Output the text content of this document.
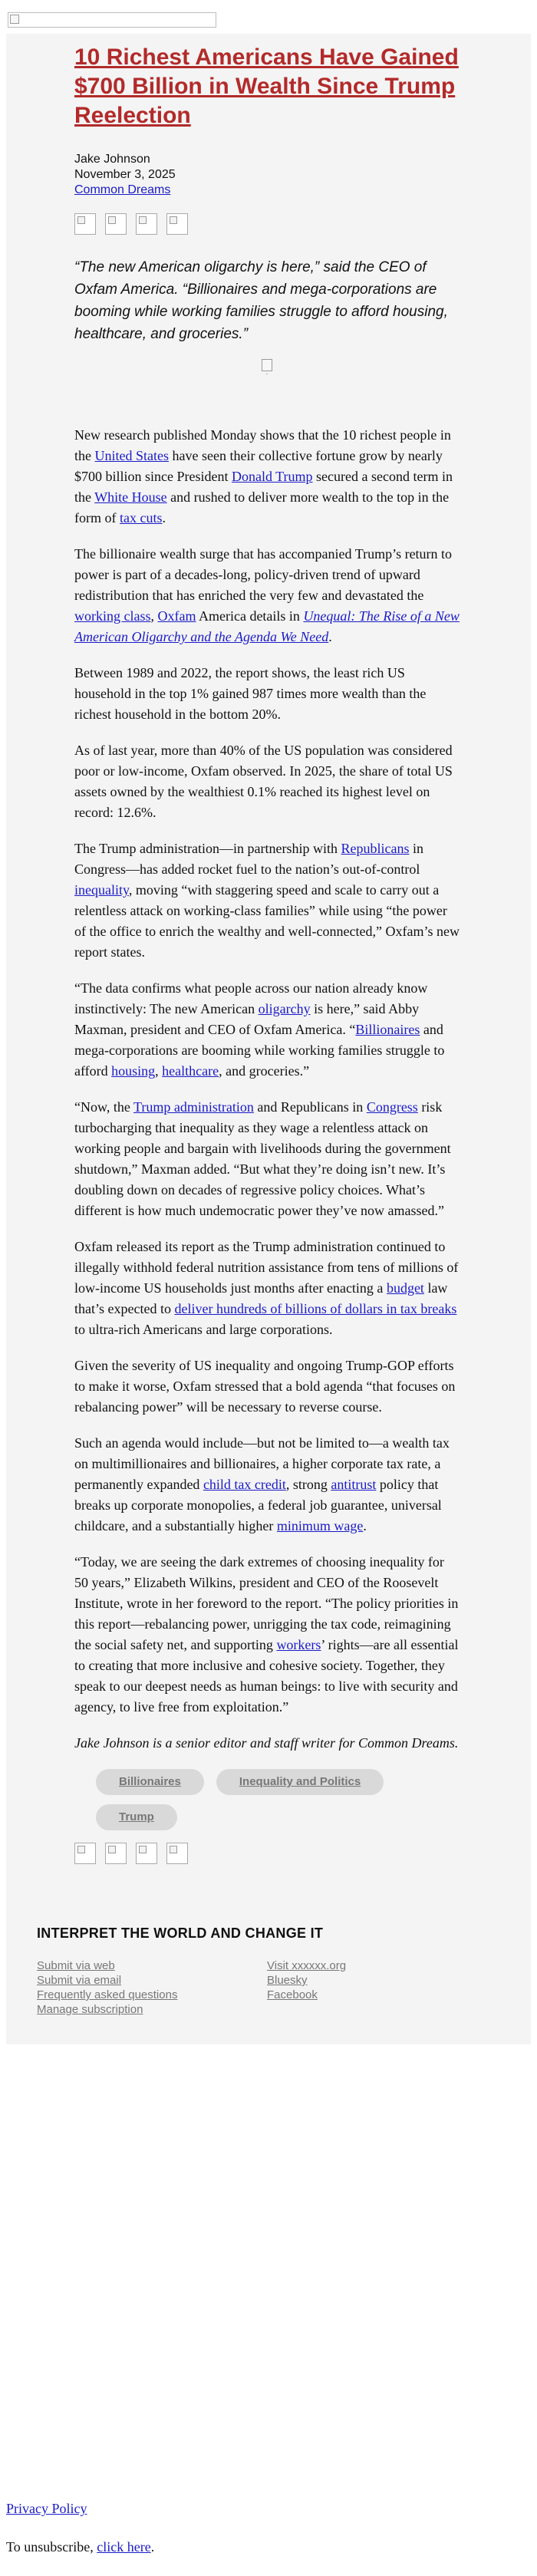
10 Richest Americans Have Gained $700 Billion in Wealth Since Trump Reelection
Jake Johnson
November 3, 2025
Common Dreams
“The new American oligarchy is here,” said the CEO of Oxfam America. “Billionaires and mega-corporations are booming while working families struggle to afford housing, healthcare, and groceries.”
·

New research published Monday shows that the 10 richest people in the United States have seen their collective fortune grow by nearly $700 billion since President Donald Trump secured a second term in the White House and rushed to deliver more wealth to the top in the form of tax cuts.

The billionaire wealth surge that has accompanied Trump’s return to power is part of a decades-long, policy-driven trend of upward redistribution that has enriched the very few and devastated the working class, Oxfam America details in Unequal: The Rise of a New American Oligarchy and the Agenda We Need.

Between 1989 and 2022, the report shows, the least rich US household in the top 1% gained 987 times more wealth than the richest household in the bottom 20%.

As of last year, more than 40% of the US population was considered poor or low-income, Oxfam observed. In 2025, the share of total US assets owned by the wealthiest 0.1% reached its highest level on record: 12.6%.

The Trump administration—in partnership with Republicans in Congress—has added rocket fuel to the nation’s out-of-control inequality, moving “with staggering speed and scale to carry out a relentless attack on working-class families” while using “the power of the office to enrich the wealthy and well-connected,” Oxfam’s new report states.

“The data confirms what people across our nation already know instinctively: The new American oligarchy is here,” said Abby Maxman, president and CEO of Oxfam America. “Billionaires and mega-corporations are booming while working families struggle to afford housing, healthcare, and groceries.”

“Now, the Trump administration and Republicans in Congress risk turbocharging that inequality as they wage a relentless attack on working people and bargain with livelihoods during the government shutdown,” Maxman added. “But what they’re doing isn’t new. It’s doubling down on decades of regressive policy choices. What’s different is how much undemocratic power they’ve now amassed.”

Oxfam released its report as the Trump administration continued to illegally withhold federal nutrition assistance from tens of millions of low-income US households just months after enacting a budget law that’s expected to deliver hundreds of billions of dollars in tax breaks to ultra-rich Americans and large corporations.

Given the severity of US inequality and ongoing Trump-GOP efforts to make it worse, Oxfam stressed that a bold agenda “that focuses on rebalancing power” will be necessary to reverse course.

Such an agenda would include—but not be limited to—a wealth tax on multimillionaires and billionaires, a higher corporate tax rate, a permanently expanded child tax credit, strong antitrust policy that breaks up corporate monopolies, a federal job guarantee, universal childcare, and a substantially higher minimum wage.

“Today, we are seeing the dark extremes of choosing inequality for 50 years,” Elizabeth Wilkins, president and CEO of the Roosevelt Institute, wrote in her foreword to the report. “The policy priorities in this report—rebalancing power, unrigging the tax code, reimagining the social safety net, and supporting workers’ rights—are all essential to creating that more inclusive and cohesive society. Together, they speak to our deepest needs as human beings: to live with security and agency, to live free from exploitation.”

Jake Johnson is a senior editor and staff writer for Common Dreams.

Billionaires	Inequality and Politics
Trump
INTERPRET THE WORLD AND CHANGE IT
Submit via web
Submit via email
Frequently asked questions
Manage subscription
Visit xxxxxx.org
Bluesky
Facebook
Privacy Policy
To unsubscribe, click here.
